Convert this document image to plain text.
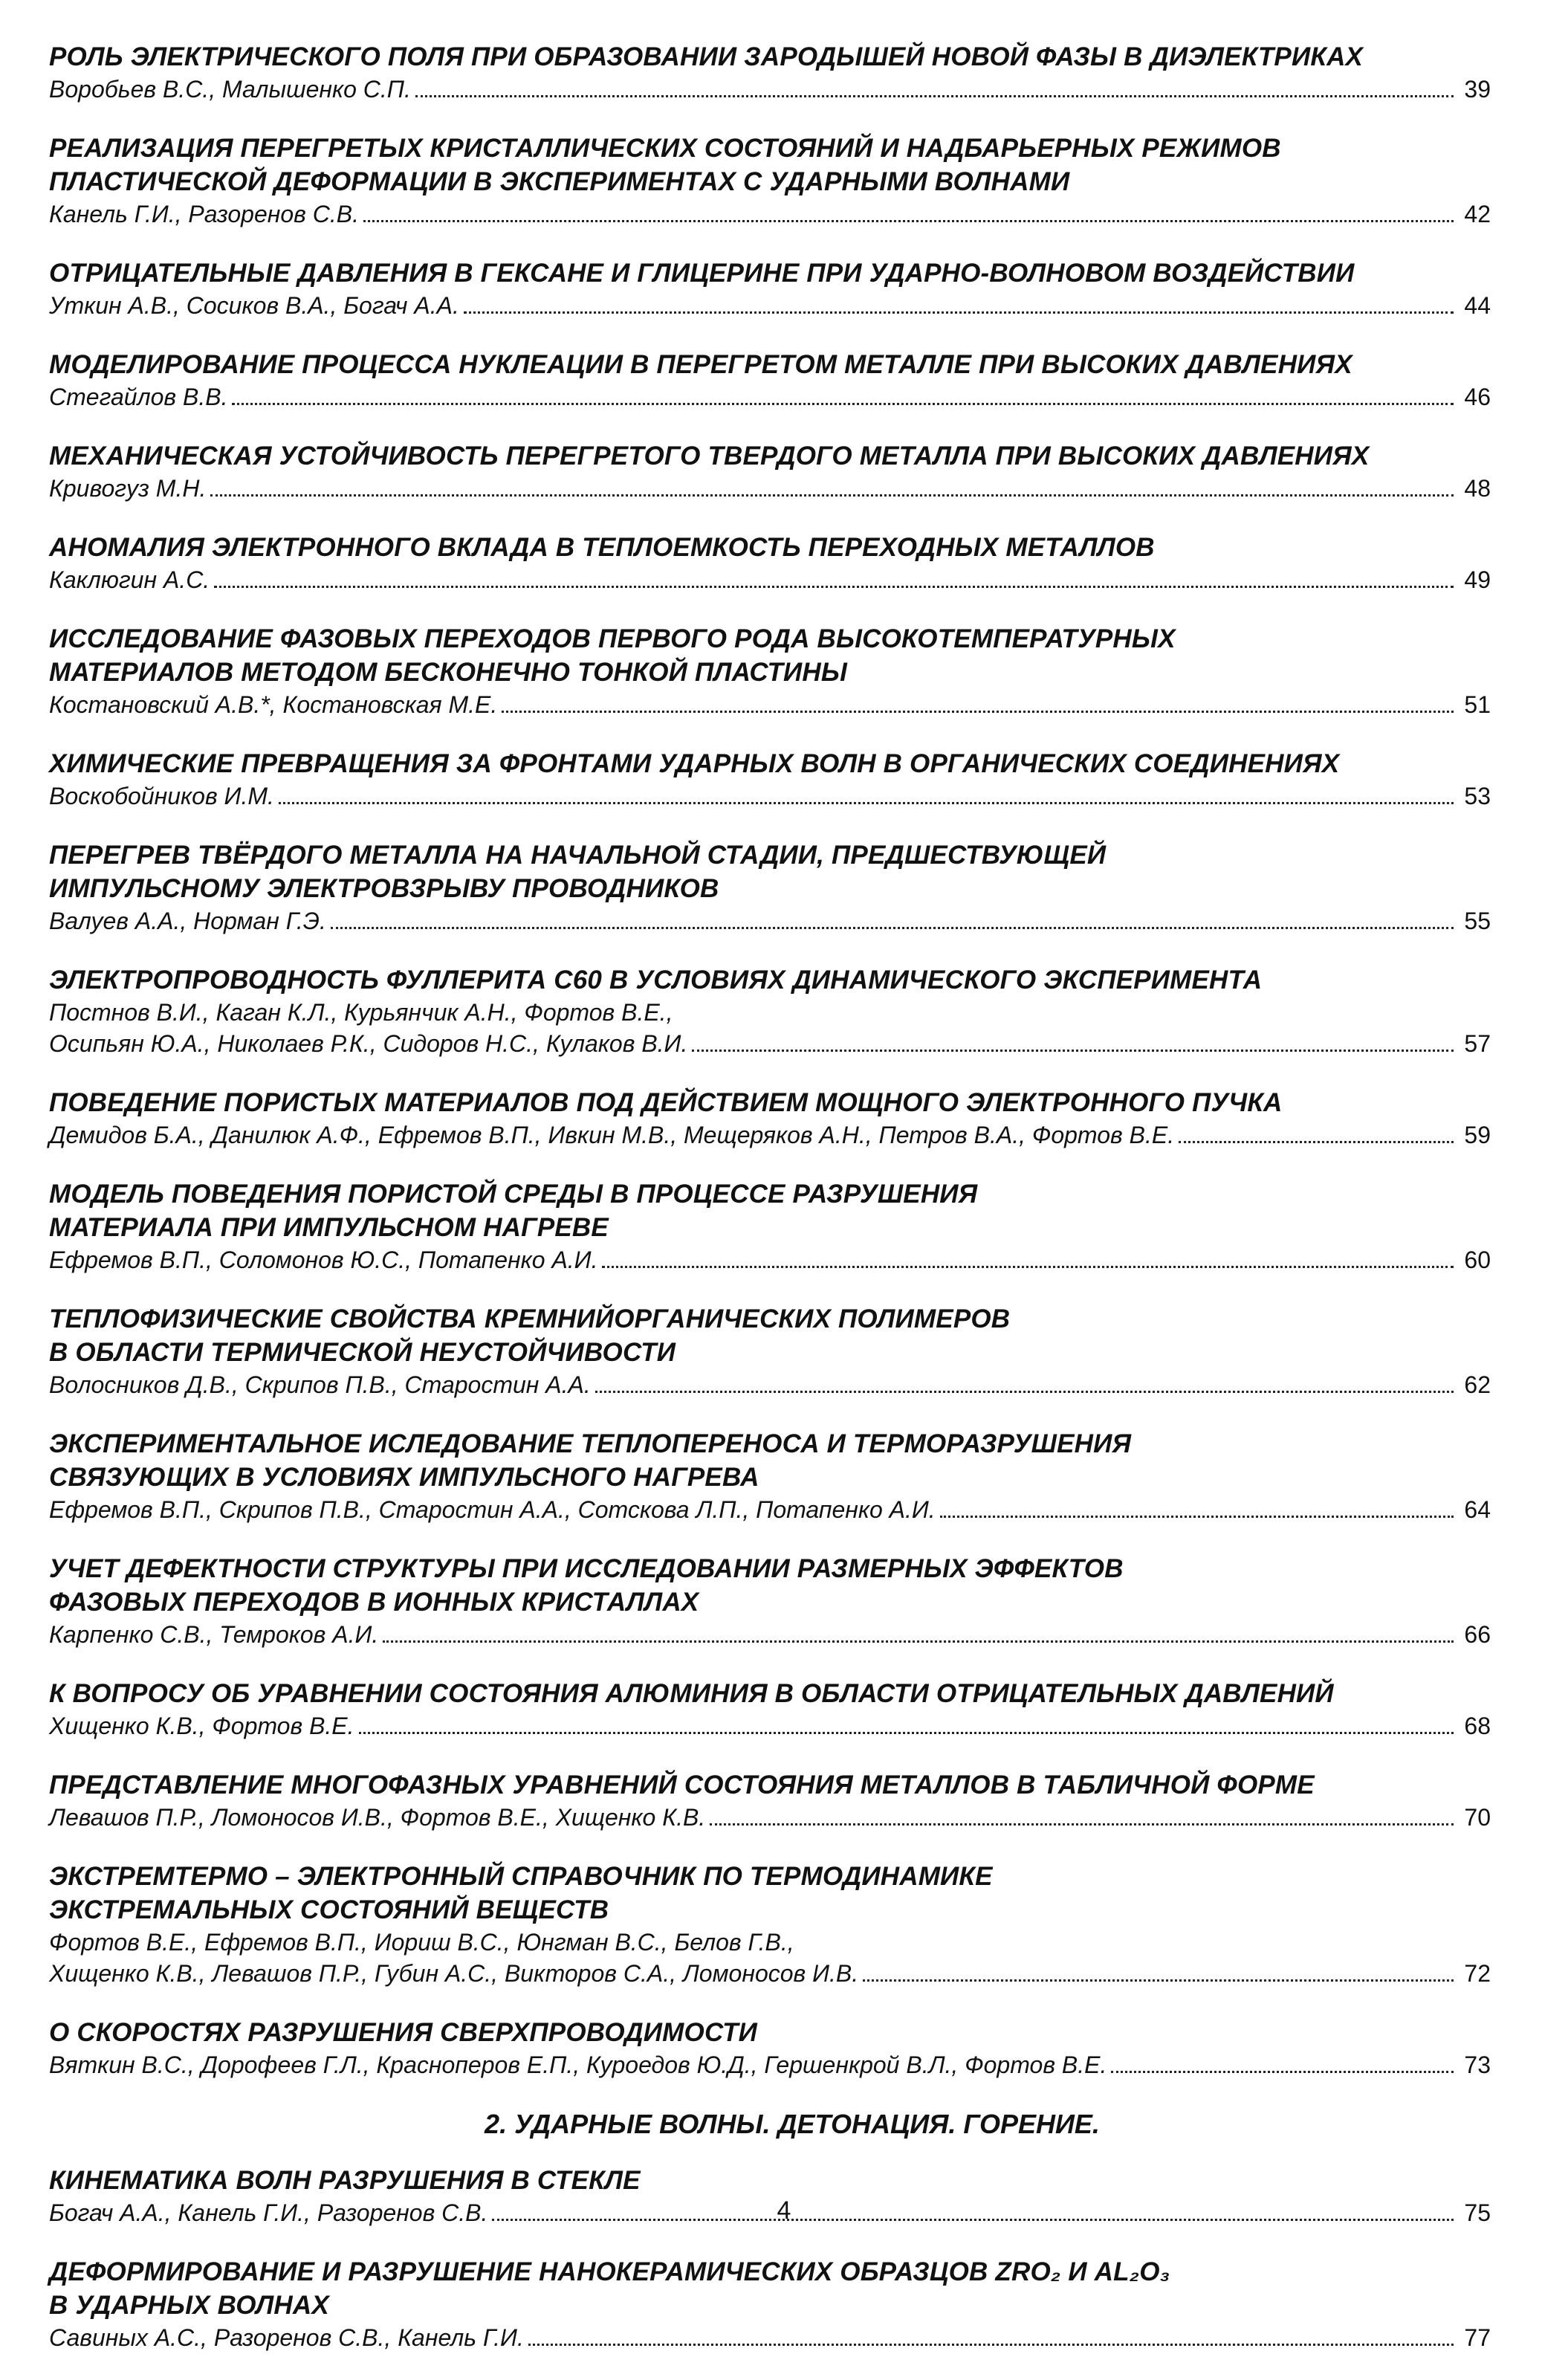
РОЛЬ ЭЛЕКТРИЧЕСКОГО ПОЛЯ ПРИ ОБРАЗОВАНИИ ЗАРОДЫШЕЙ НОВОЙ ФАЗЫ В ДИЭЛЕКТРИКАХ
Воробьев В.С., Малышенко С.П.	39
РЕАЛИЗАЦИЯ ПЕРЕГРЕТЫХ КРИСТАЛЛИЧЕСКИХ СОСТОЯНИЙ И НАДБАРЬЕРНЫХ РЕЖИМОВ
ПЛАСТИЧЕСКОЙ ДЕФОРМАЦИИ В ЭКСПЕРИМЕНТАХ С УДАРНЫМИ ВОЛНАМИ
Канель Г.И., Разоренов С.В.	42
ОТРИЦАТЕЛЬНЫЕ ДАВЛЕНИЯ В ГЕКСАНЕ И ГЛИЦЕРИНЕ ПРИ УДАРНО-ВОЛНОВОМ ВОЗДЕЙСТВИИ
Уткин А.В., Сосиков В.А., Богач А.А.	44
МОДЕЛИРОВАНИЕ ПРОЦЕССА НУКЛЕАЦИИ В ПЕРЕГРЕТОМ МЕТАЛЛЕ ПРИ ВЫСОКИХ ДАВЛЕНИЯХ
Стегайлов В.В.	46
МЕХАНИЧЕСКАЯ УСТОЙЧИВОСТЬ ПЕРЕГРЕТОГО ТВЕРДОГО МЕТАЛЛА ПРИ ВЫСОКИХ ДАВЛЕНИЯХ
Кривогуз М.Н.	48
АНОМАЛИЯ ЭЛЕКТРОННОГО ВКЛАДА В ТЕПЛОЕМКОСТЬ ПЕРЕХОДНЫХ МЕТАЛЛОВ
Каклюгин А.С.	49
ИССЛЕДОВАНИЕ ФАЗОВЫХ ПЕРЕХОДОВ ПЕРВОГО РОДА ВЫСОКОТЕМПЕРАТУРНЫХ
МАТЕРИАЛОВ МЕТОДОМ БЕСКОНЕЧНО ТОНКОЙ ПЛАСТИНЫ
Костановский А.В.*, Костановская М.Е.	51
ХИМИЧЕСКИЕ ПРЕВРАЩЕНИЯ ЗА ФРОНТАМИ УДАРНЫХ ВОЛН В ОРГАНИЧЕСКИХ СОЕДИНЕНИЯХ
Воскобойников И.М.	53
ПЕРЕГРЕВ ТВЁРДОГО МЕТАЛЛА НА НАЧАЛЬНОЙ СТАДИИ, ПРЕДШЕСТВУЮЩЕЙ
ИМПУЛЬСНОМУ ЭЛЕКТРОВЗРЫВУ ПРОВОДНИКОВ
Валуев А.А., Норман Г.Э.	55
ЭЛЕКТРОПРОВОДНОСТЬ ФУЛЛЕРИТА С60 В УСЛОВИЯХ ДИНАМИЧЕСКОГО ЭКСПЕРИМЕНТА
Постнов В.И., Каган К.Л., Курьянчик А.Н., Фортов В.Е.,
Осипьян Ю.А., Николаев Р.К., Сидоров Н.С., Кулаков В.И.	57
ПОВЕДЕНИЕ ПОРИСТЫХ МАТЕРИАЛОВ ПОД ДЕЙСТВИЕМ МОЩНОГО ЭЛЕКТРОННОГО ПУЧКА
Демидов Б.А., Данилюк А.Ф., Ефремов В.П., Ивкин М.В., Мещеряков А.Н., Петров В.А., Фортов В.Е.	59
МОДЕЛЬ ПОВЕДЕНИЯ ПОРИСТОЙ СРЕДЫ В ПРОЦЕССЕ РАЗРУШЕНИЯ
МАТЕРИАЛА ПРИ ИМПУЛЬСНОМ НАГРЕВЕ
Ефремов В.П., Соломонов Ю.С., Потапенко А.И.	60
ТЕПЛОФИЗИЧЕСКИЕ СВОЙСТВА КРЕМНИЙОРГАНИЧЕСКИХ ПОЛИМЕРОВ
В ОБЛАСТИ ТЕРМИЧЕСКОЙ НЕУСТОЙЧИВОСТИ
Волосников Д.В., Скрипов П.В., Старостин А.А.	62
ЭКСПЕРИМЕНТАЛЬНОЕ ИСЛЕДОВАНИЕ ТЕПЛОПЕРЕНОСА И ТЕРМОРАЗРУШЕНИЯ
СВЯЗУЮЩИХ В УСЛОВИЯХ ИМПУЛЬСНОГО НАГРЕВА
Ефремов В.П., Скрипов П.В., Старостин А.А., Сотскова Л.П., Потапенко А.И.	64
УЧЕТ ДЕФЕКТНОСТИ СТРУКТУРЫ ПРИ ИССЛЕДОВАНИИ РАЗМЕРНЫХ ЭФФЕКТОВ
ФАЗОВЫХ ПЕРЕХОДОВ В ИОННЫХ КРИСТАЛЛАХ
Карпенко С.В., Темроков А.И.	66
К ВОПРОСУ ОБ УРАВНЕНИИ СОСТОЯНИЯ АЛЮМИНИЯ В ОБЛАСТИ ОТРИЦАТЕЛЬНЫХ ДАВЛЕНИЙ
Хищенко К.В., Фортов В.Е.	68
ПРЕДСТАВЛЕНИЕ МНОГОФАЗНЫХ УРАВНЕНИЙ СОСТОЯНИЯ МЕТАЛЛОВ В ТАБЛИЧНОЙ ФОРМЕ
Левашов П.Р., Ломоносов И.В., Фортов В.Е., Хищенко К.В.	70
ЭКСТРЕМТЕРМО – ЭЛЕКТРОННЫЙ СПРАВОЧНИК ПО ТЕРМОДИНАМИКЕ
ЭКСТРЕМАЛЬНЫХ СОСТОЯНИЙ ВЕЩЕСТВ
Фортов В.Е., Ефремов В.П., Иориш В.С., Юнгман В.С., Белов Г.В.,
Хищенко К.В., Левашов П.Р., Губин А.С., Викторов С.А., Ломоносов И.В.	72
О СКОРОСТЯХ РАЗРУШЕНИЯ СВЕРХПРОВОДИМОСТИ
Вяткин В.С., Дорофеев Г.Л., Краснoперов Е.П., Куроедов Ю.Д., Гершенкрой В.Л., Фортов В.Е.	73
2. УДАРНЫЕ ВОЛНЫ. ДЕТОНАЦИЯ. ГОРЕНИЕ.
КИНЕМАТИКА ВОЛН РАЗРУШЕНИЯ В СТЕКЛЕ
Богач А.А., Канель Г.И., Разоренов С.В.	75
ДЕФОРМИРОВАНИЕ И РАЗРУШЕНИЕ НАНОКЕРАМИЧЕСКИХ ОБРАЗЦОВ ZRO₂ И AL₂O₃
В УДАРНЫХ ВОЛНАХ
Савиных А.С., Разоренов С.В., Канель Г.И.	77
4
